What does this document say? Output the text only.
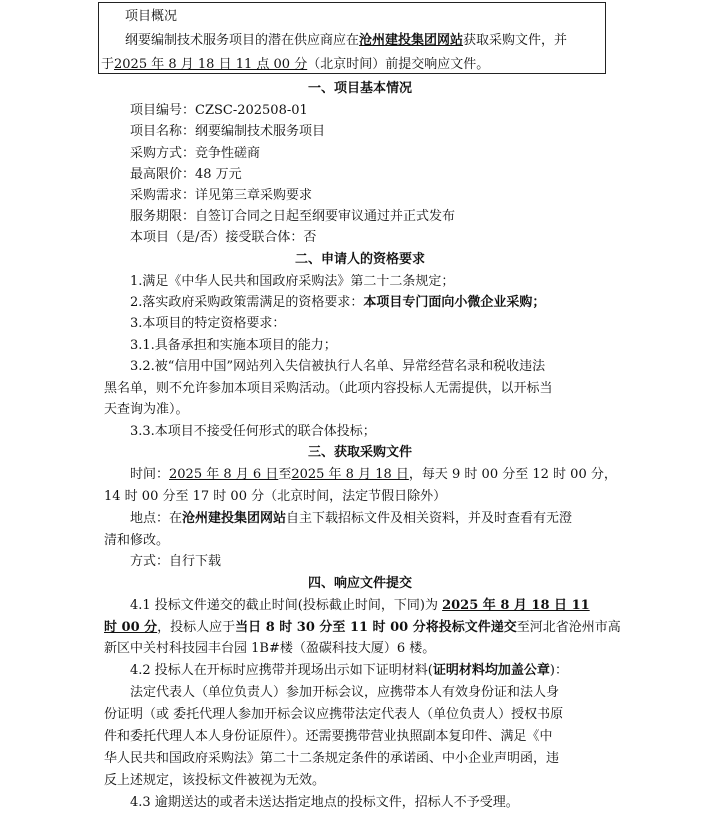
项目概况
纲要编制技术服务项目的潜在供应商应在沧州建投集团网站获取采购文件，并
于2025 年 8 月 18 日 11 点 00 分（北京时间）前提交响应文件。
一、项目基本情况
项目编号：CZSC-202508-01
项目名称：纲要编制技术服务项目
采购方式：竞争性磋商
最高限价：48 万元
采购需求：详见第三章采购要求
服务期限：自签订合同之日起至纲要审议通过并正式发布
本项目（是/否）接受联合体：否
二、申请人的资格要求
1.满足《中华人民共和国政府采购法》第二十二条规定；
2.落实政府采购政策需满足的资格要求：本项目专门面向小微企业采购；
3.本项目的特定资格要求：
3.1.具备承担和实施本项目的能力；
3.2.被“信用中国”网站列入失信被执行人名单、异常经营名录和税收违法
黑名单，则不允许参加本项目采购活动。（此项内容投标人无需提供，以开标当
天查询为准）。
3.3.本项目不接受任何形式的联合体投标；
三、获取采购文件
时间：2025 年 8 月 6 日至2025 年 8 月 18 日，每天 9 时 00 分至 12 时 00 分，
14 时 00 分至 17 时 00 分（北京时间，法定节假日除外）
地点：在沧州建投集团网站自主下载招标文件及相关资料，并及时查看有无澄
清和修改。
方式：自行下载
四、响应文件提交
4.1 投标文件递交的截止时间(投标截止时间，下同)为 2025 年 8 月 18 日 11
时 00 分，投标人应于当日 8 时 30 分至 11 时 00 分将投标文件递交至河北省沧州市高
新区中关村科技园丰台园 1B#楼（盈碳科技大厦）6 楼。
4.2 投标人在开标时应携带并现场出示如下证明材料(证明材料均加盖公章)：
法定代表人（单位负责人）参加开标会议，应携带本人有效身份证和法人身
份证明（或 委托代理人参加开标会议应携带法定代表人（单位负责人）授权书原
件和委托代理人本人身份证原件）。还需要携带营业执照副本复印件、满足《中
华人民共和国政府采购法》第二十二条规定条件的承诺函、中小企业声明函，违
反上述规定，该投标文件被视为无效。
4.3 逾期送达的或者未送达指定地点的投标文件，招标人不予受理。
